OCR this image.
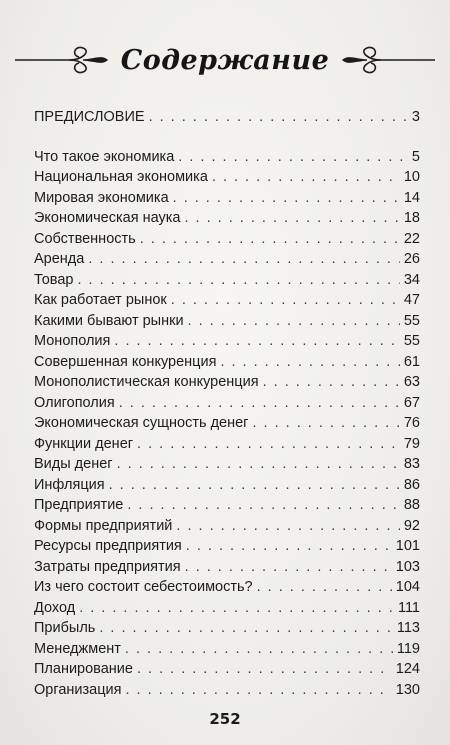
Содержание
ПРЕДИСЛОВИЕ . . .	3
Что такое экономика . . .	5
Национальная экономика . . .	10
Мировая экономика . . .	14
Экономическая наука . . .	18
Собственность . . .	22
Аренда . . .	26
Товар . . .	34
Как работает рынок . . .	47
Какими бывают рынки . . .	55
Монополия . . .	55
Совершенная конкуренция . . .	61
Монополистическая конкуренция . . .	63
Олигополия . . .	67
Экономическая сущность денег . . .	76
Функции денег . . .	79
Виды денег . . .	83
Инфляция . . .	86
Предприятие . . .	88
Формы предприятий . . .	92
Ресурсы предприятия . . .	101
Затраты предприятия . . .	103
Из чего состоит себестоимость? . . .	104
Доход . . .	111
Прибыль . . .	113
Менеджмент . . .	119
Планирование . . .	124
Организация . . .	130
252
